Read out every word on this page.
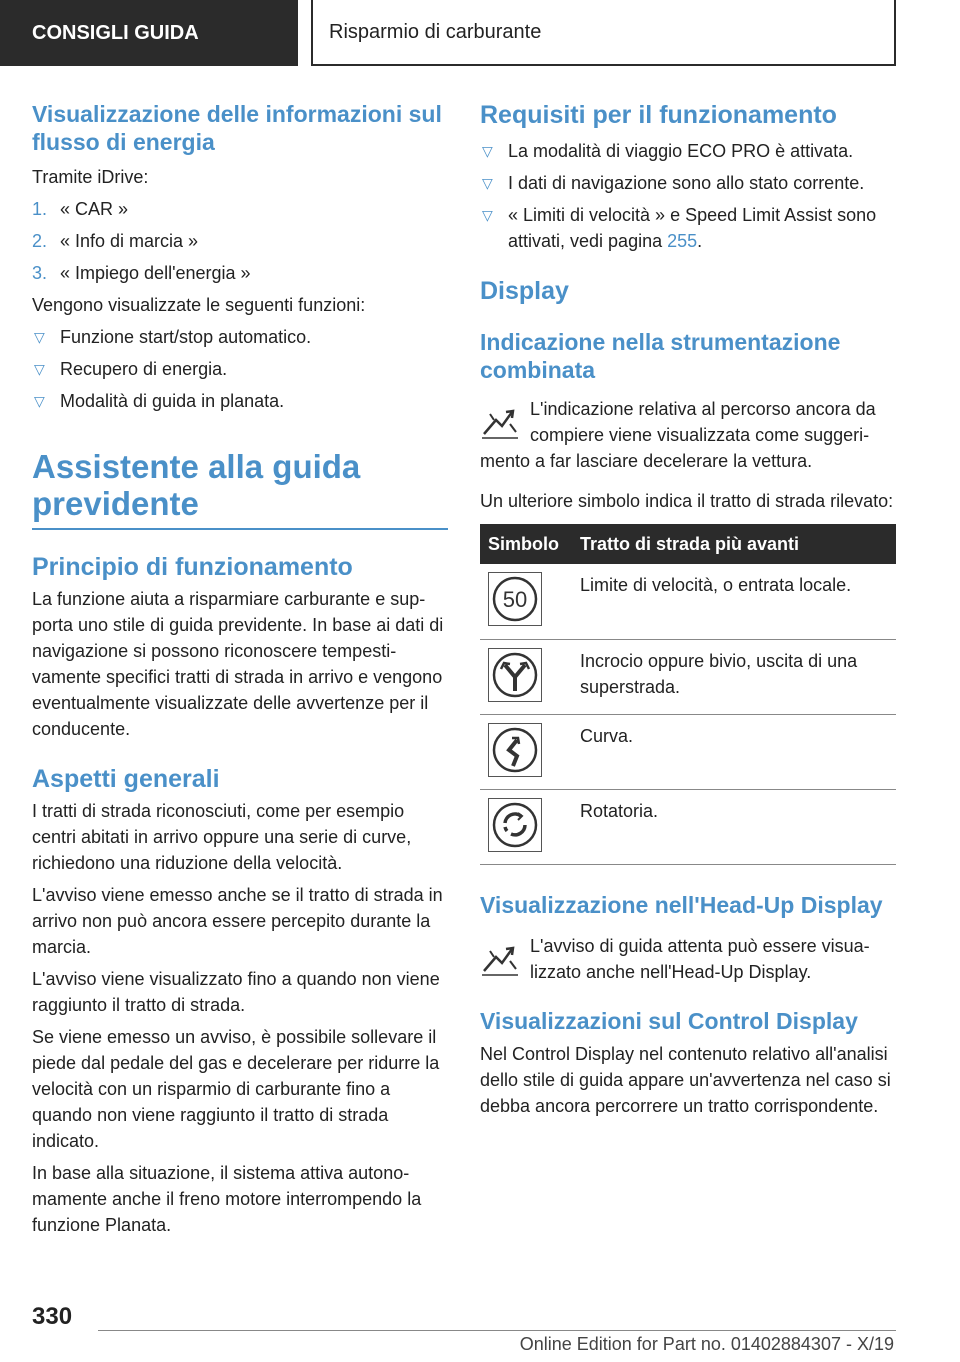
CONSIGLI GUIDA	Risparmio di carburante
Visualizzazione delle informazioni sul flusso di energia
Tramite iDrive:
1. « CAR »
2. « Info di marcia »
3. « Impiego dell'energia »
Vengono visualizzate le seguenti funzioni:
▽ Funzione start/stop automatico.
▽ Recupero di energia.
▽ Modalità di guida in planata.
Assistente alla guida previdente
Principio di funzionamento
La funzione aiuta a risparmiare carburante e supporta uno stile di guida previdente. In base ai dati di navigazione si possono riconoscere tempestivamente specifici tratti di strada in arrivo e vengono eventualmente visualizzate delle avvertenze per il conducente.
Aspetti generali
I tratti di strada riconosciuti, come per esempio centri abitati in arrivo oppure una serie di curve, richiedono una riduzione della velocità.
L'avviso viene emesso anche se il tratto di strada in arrivo non può ancora essere percepito durante la marcia.
L'avviso viene visualizzato fino a quando non viene raggiunto il tratto di strada.
Se viene emesso un avviso, è possibile sollevare il piede dal pedale del gas e decelerare per ridurre la velocità con un risparmio di carburante fino a quando non viene raggiunto il tratto di strada indicato.
In base alla situazione, il sistema attiva autonomamente anche il freno motore interrompendo la funzione Planata.
Requisiti per il funzionamento
▽ La modalità di viaggio ECO PRO è attivata.
▽ I dati di navigazione sono allo stato corrente.
▽ « Limiti di velocità » e Speed Limit Assist sono attivati, vedi pagina 255.
Display
Indicazione nella strumentazione combinata
L'indicazione relativa al percorso ancora da compiere viene visualizzata come suggerimento a far lasciare decelerare la vettura.
Un ulteriore simbolo indica il tratto di strada rilevato:
Simbolo	Tratto di strada più avanti

50	Limite di velocità, o entrata locale.

	Incrocio oppure bivio, uscita di una superstrada.

	Curva.

	Rotatoria.
Visualizzazione nell'Head-Up Display
L'avviso di guida attenta può essere visualizzato anche nell'Head-Up Display.
Visualizzazioni sul Control Display
Nel Control Display nel contenuto relativo all'analisi dello stile di guida appare un'avvertenza nel caso si debba ancora percorrere un tratto corrispondente.
330
Online Edition for Part no. 01402884307 - X/19
